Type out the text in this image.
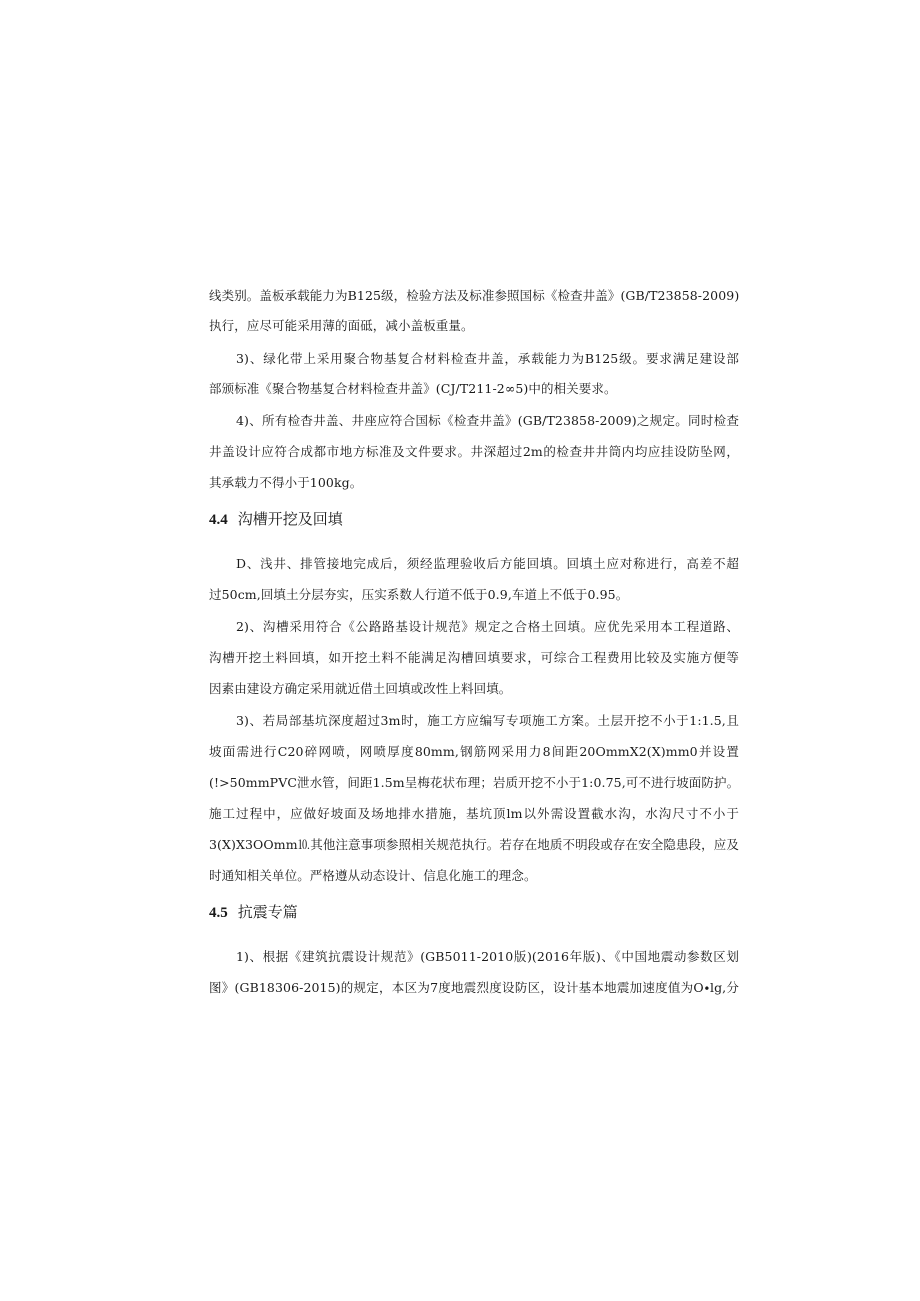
线类别。盖板承载能力为B125级，检验方法及标准参照国标《检查井盖》(GB/T23858-2009)
执行，应尽可能采用薄的面砥，减小盖板重量。
3)、绿化带上采用聚合物基复合材料检查井盖，承载能力为B125级。要求满足建设部
部颁标准《聚合物基复合材料检查井盖》(CJ/T211-2∞5)中的相关要求。
4)、所有检杳井盖、井座应符合国标《检查井盖》(GB/T23858-2009)之规定。同时检查
井盖设计应符合成都市地方标准及文件要求。井深超过2m的检查井井筒内均应挂设防坠网，
其承载力不得小于100kg。
4.4 沟槽开挖及回填
D、浅井、排管接地完成后，须经监理验收后方能回填。回填土应对称进行，高差不超
过50cm,回填土分层夯实，压实系数人行道不低于0.9,车道上不低于0.95。
2)、沟槽采用符合《公路路基设计规范》规定之合格土回填。应优先采用本工程道路、
沟槽开挖土料回填，如开挖土料不能满足沟槽回填要求，可综合工程费用比较及实施方便等
因素由建设方确定采用就近借土回填或改性上料回填。
3)、若局部基坑深度超过3m时，施工方应编写专项施工方案。土层开挖不小于1:1.5,且
坡面需进行C20碎网喷，网喷厚度80mm,钢筋网采用力8间距20OmmX2(X)mm0并设置
(!>50mmPVC泄水管，间距1.5m呈梅花状布理；岩质开挖不小于1:0.75,可不进行坡面防护。
施工过程中，应做好坡面及场地排水措施，基坑顶lm以外需设置截水沟，水沟尺寸不小于
3(X)X3OOmm⒑其他注意事项参照相关规范执行。若存在地质不明段或存在安全隐患段，应及
时通知相关单位。严格遵从动态设计、信息化施工的理念。
4.5 抗震专篇
1)、根据《建筑抗震设计规范》(GB5011-2010版)(2016年版)、《中国地震动参数区划
图》(GB18306-2015)的规定，本区为7度地震烈度设防区，设计基本地震加速度值为O∙lg,分
